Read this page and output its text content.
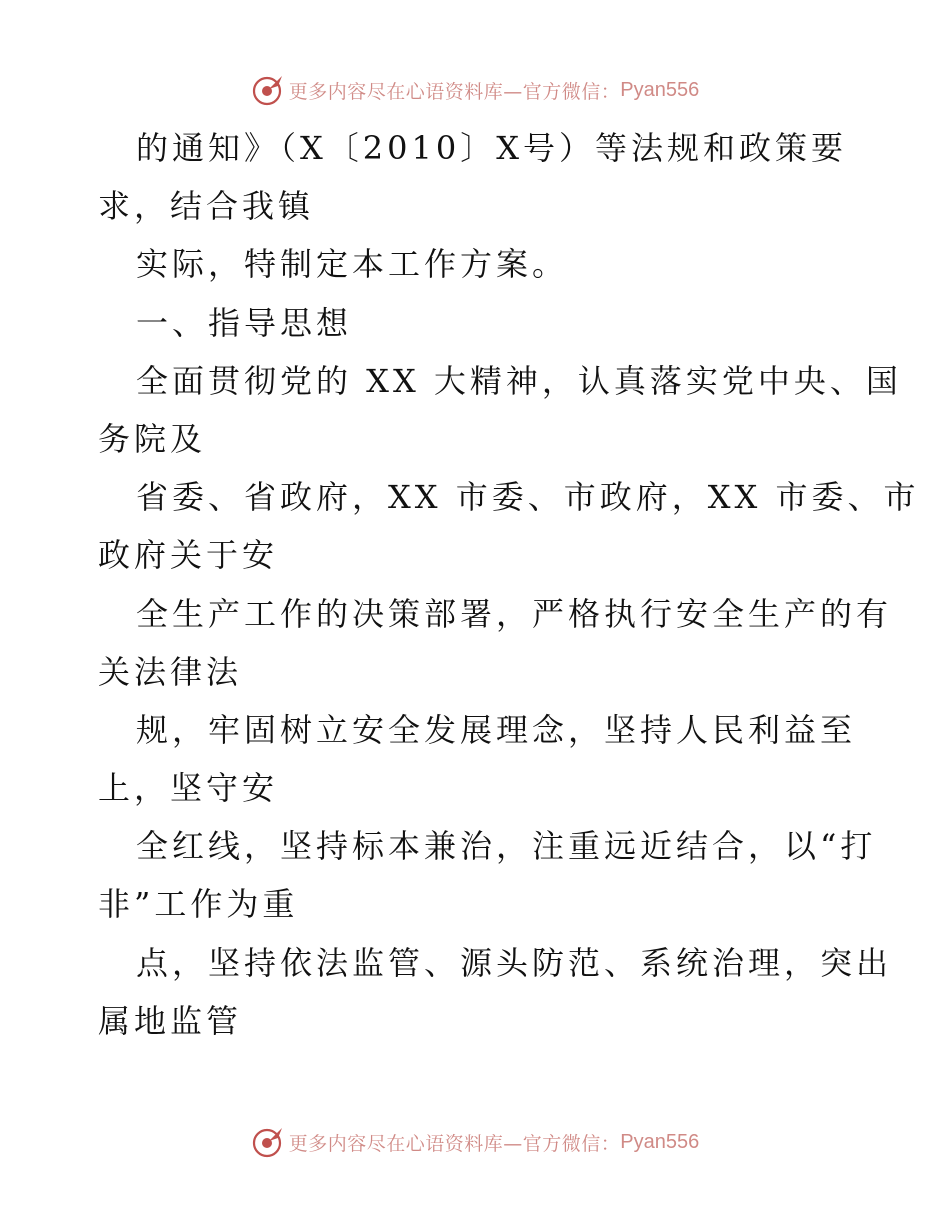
更多内容尽在心语资料库—官方微信： Pyan556
的通知》（X〔2010〕X号）等法规和政策要
求，结合我镇
实际，特制定本工作方案。
一、指导思想
全面贯彻党的 XX 大精神，认真落实党中央、国
务院及
省委、省政府，XX 市委、市政府，XX 市委、市
政府关于安
全生产工作的决策部署，严格执行安全生产的有
关法律法
规，牢固树立安全发展理念，坚持人民利益至
上，坚守安
全红线，坚持标本兼治，注重远近结合，以“打
非”工作为重
点，坚持依法监管、源头防范、系统治理，突出
属地监管
更多内容尽在心语资料库—官方微信： Pyan556
